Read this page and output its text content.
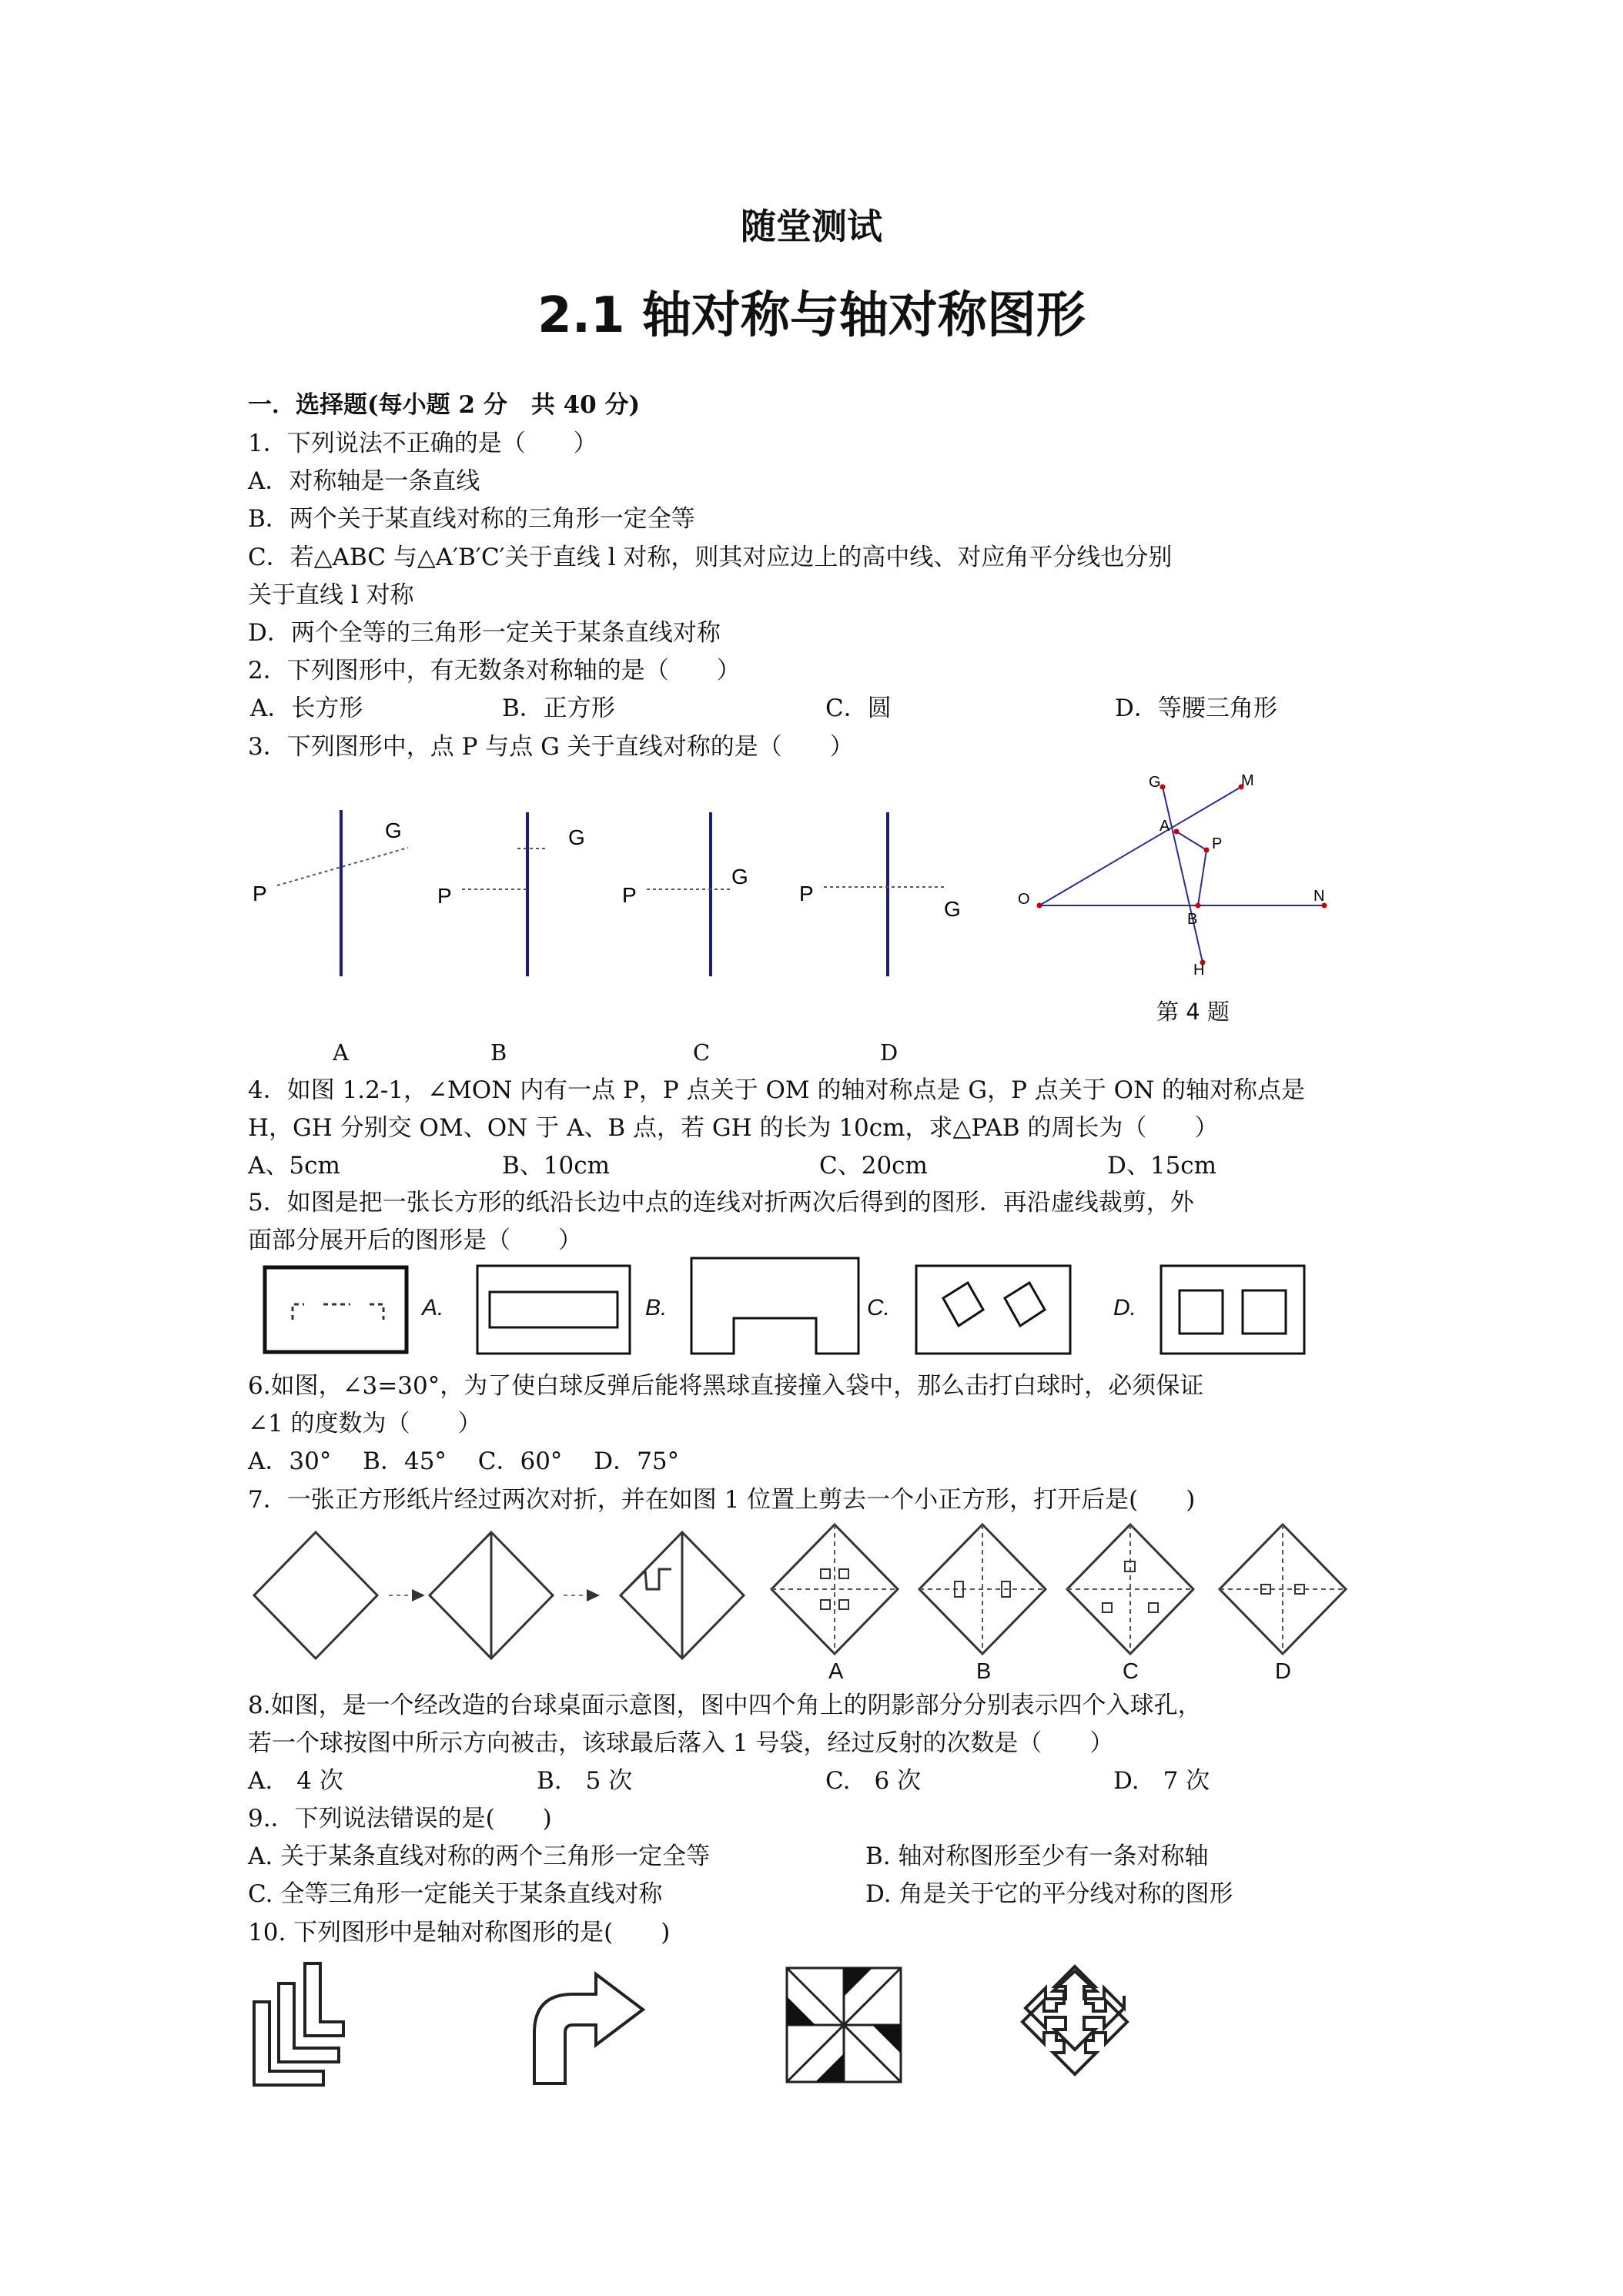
随堂测试
2.1 轴对称与轴对称图形
一．选择题(每小题 2 分　共 40 分)
1．下列说法不正确的是（　　）
A．对称轴是一条直线
B．两个关于某直线对称的三角形一定全等
C．若△ABC 与△A′B′C′关于直线 l 对称，则其对应边上的高中线、对应角平分线也分别
关于直线 l 对称
D．两个全等的三角形一定关于某条直线对称
2．下列图形中，有无数条对称轴的是（　　）
A．长方形	B．正方形	C．圆	D．等腰三角形
3．下列图形中，点 P 与点 G 关于直线对称的是（　　）
P
G
P
G
P
G
P
G
A	B	C	D
G	M
A
P
O	N
B
H
第 4 题
4．如图 1.2-1，∠MON 内有一点 P，P 点关于 OM 的轴对称点是 G，P 点关于 ON 的轴对称点是
H，GH 分别交 OM、ON 于 A、B 点，若 GH 的长为 10cm，求△PAB 的周长为（　　）
A、5cm	B、10cm	C、20cm	D、15cm
5．如图是把一张长方形的纸沿长边中点的连线对折两次后得到的图形．再沿虚线裁剪，外
面部分展开后的图形是（　　）
A.	B.	C.	D.
6.如图，∠3=30°，为了使白球反弹后能将黑球直接撞入袋中，那么击打白球时，必须保证
∠1 的度数为（　　）
A．30°　 B．45°　 C．60°　 D．75°
7．一张正方形纸片经过两次对折，并在如图 1 位置上剪去一个小正方形，打开后是(　　)
A	B	C	D
8.如图，是一个经改造的台球桌面示意图，图中四个角上的阴影部分分别表示四个入球孔，
若一个球按图中所示方向被击，该球最后落入 1 号袋，经过反射的次数是（　　）
A.　4 次	B.　5 次	C.　6 次	D.　7 次
9.．下列说法错误的是(　　)
A. 关于某条直线对称的两个三角形一定全等	B. 轴对称图形至少有一条对称轴
C. 全等三角形一定能关于某条直线对称	D. 角是关于它的平分线对称的图形
10. 下列图形中是轴对称图形的是(　　)
